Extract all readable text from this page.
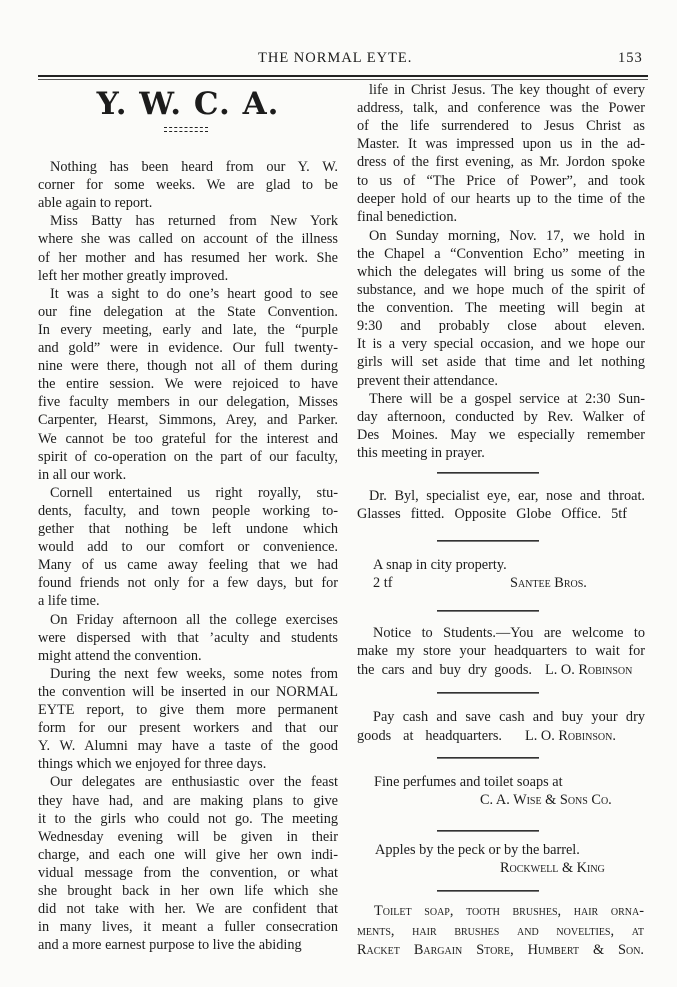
THE NORMAL EYTE.	153
Y. W. C. A.
Nothing has been heard from our Y. W.
corner for some weeks. We are glad to be
able again to report.
Miss Batty has returned from New York
where she was called on account of the illness
of her mother and has resumed her work. She
left her mother greatly improved.
It was a sight to do one’s heart good to see
our fine delegation at the State Convention.
In every meeting, early and late, the “purple
and gold” were in evidence. Our full twenty-
nine were there, though not all of them during
the entire session. We were rejoiced to have
five faculty members in our delegation, Misses
Carpenter, Hearst, Simmons, Arey, and Parker.
We cannot be too grateful for the interest and
spirit of co-operation on the part of our faculty,
in all our work.
Cornell entertained us right royally, stu-
dents, faculty, and town people working to-
gether that nothing be left undone which
would add to our comfort or convenience.
Many of us came away feeling that we had
found friends not only for a few days, but for
a life time.
On Friday afternoon all the college exercises
were dispersed with that ’aculty and students
might attend the convention.
During the next few weeks, some notes from
the convention will be inserted in our NORMAL
EYTE report, to give them more permanent
form for our present workers and that our
Y. W. Alumni may have a taste of the good
things which we enjoyed for three days.
Our delegates are enthusiastic over the feast
they have had, and are making plans to give
it to the girls who could not go. The meeting
Wednesday evening will be given in their
charge, and each one will give her own indi-
vidual message from the convention, or what
she brought back in her own life which she
did not take with her. We are confident that
in many lives, it meant a fuller consecration
and a more earnest purpose to live the abiding
life in Christ Jesus. The key thought of every
address, talk, and conference was the Power
of the life surrendered to Jesus Christ as
Master. It was impressed upon us in the ad-
dress of the first evening, as Mr. Jordon spoke
to us of “The Price of Power”, and took
deeper hold of our hearts up to the time of the
final benediction.
On Sunday morning, Nov. 17, we hold in
the Chapel a “Convention Echo” meeting in
which the delegates will bring us some of the
substance, and we hope much of the spirit of
the convention. The meeting will begin at
9:30 and probably close about eleven.
It is a very special occasion, and we hope our
girls will set aside that time and let nothing
prevent their attendance.
There will be a gospel service at 2:30 Sun-
day afternoon, conducted by Rev. Walker of
Des Moines. May we especially remember
this meeting in prayer.
Dr. Byl, specialist eye, ear, nose and throat.
Glasses fitted. Opposite Globe Office. 5tf
A snap in city property.
2 tf	Santee Bros.
Notice to Students.—You are welcome to
make my store your headquarters to wait for
the cars and buy dry goods. L. O. Robinson
Pay cash and save cash and buy your dry
goods at headquarters. L. O. Robinson.
Fine perfumes and toilet soaps at
C. A. Wise & Sons Co.
Apples by the peck or by the barrel.
Rockwell & King
Toilet soap, tooth brushes, hair orna-
ments, hair brushes and novelties, at
Racket Bargain Store, Humbert & Son.
